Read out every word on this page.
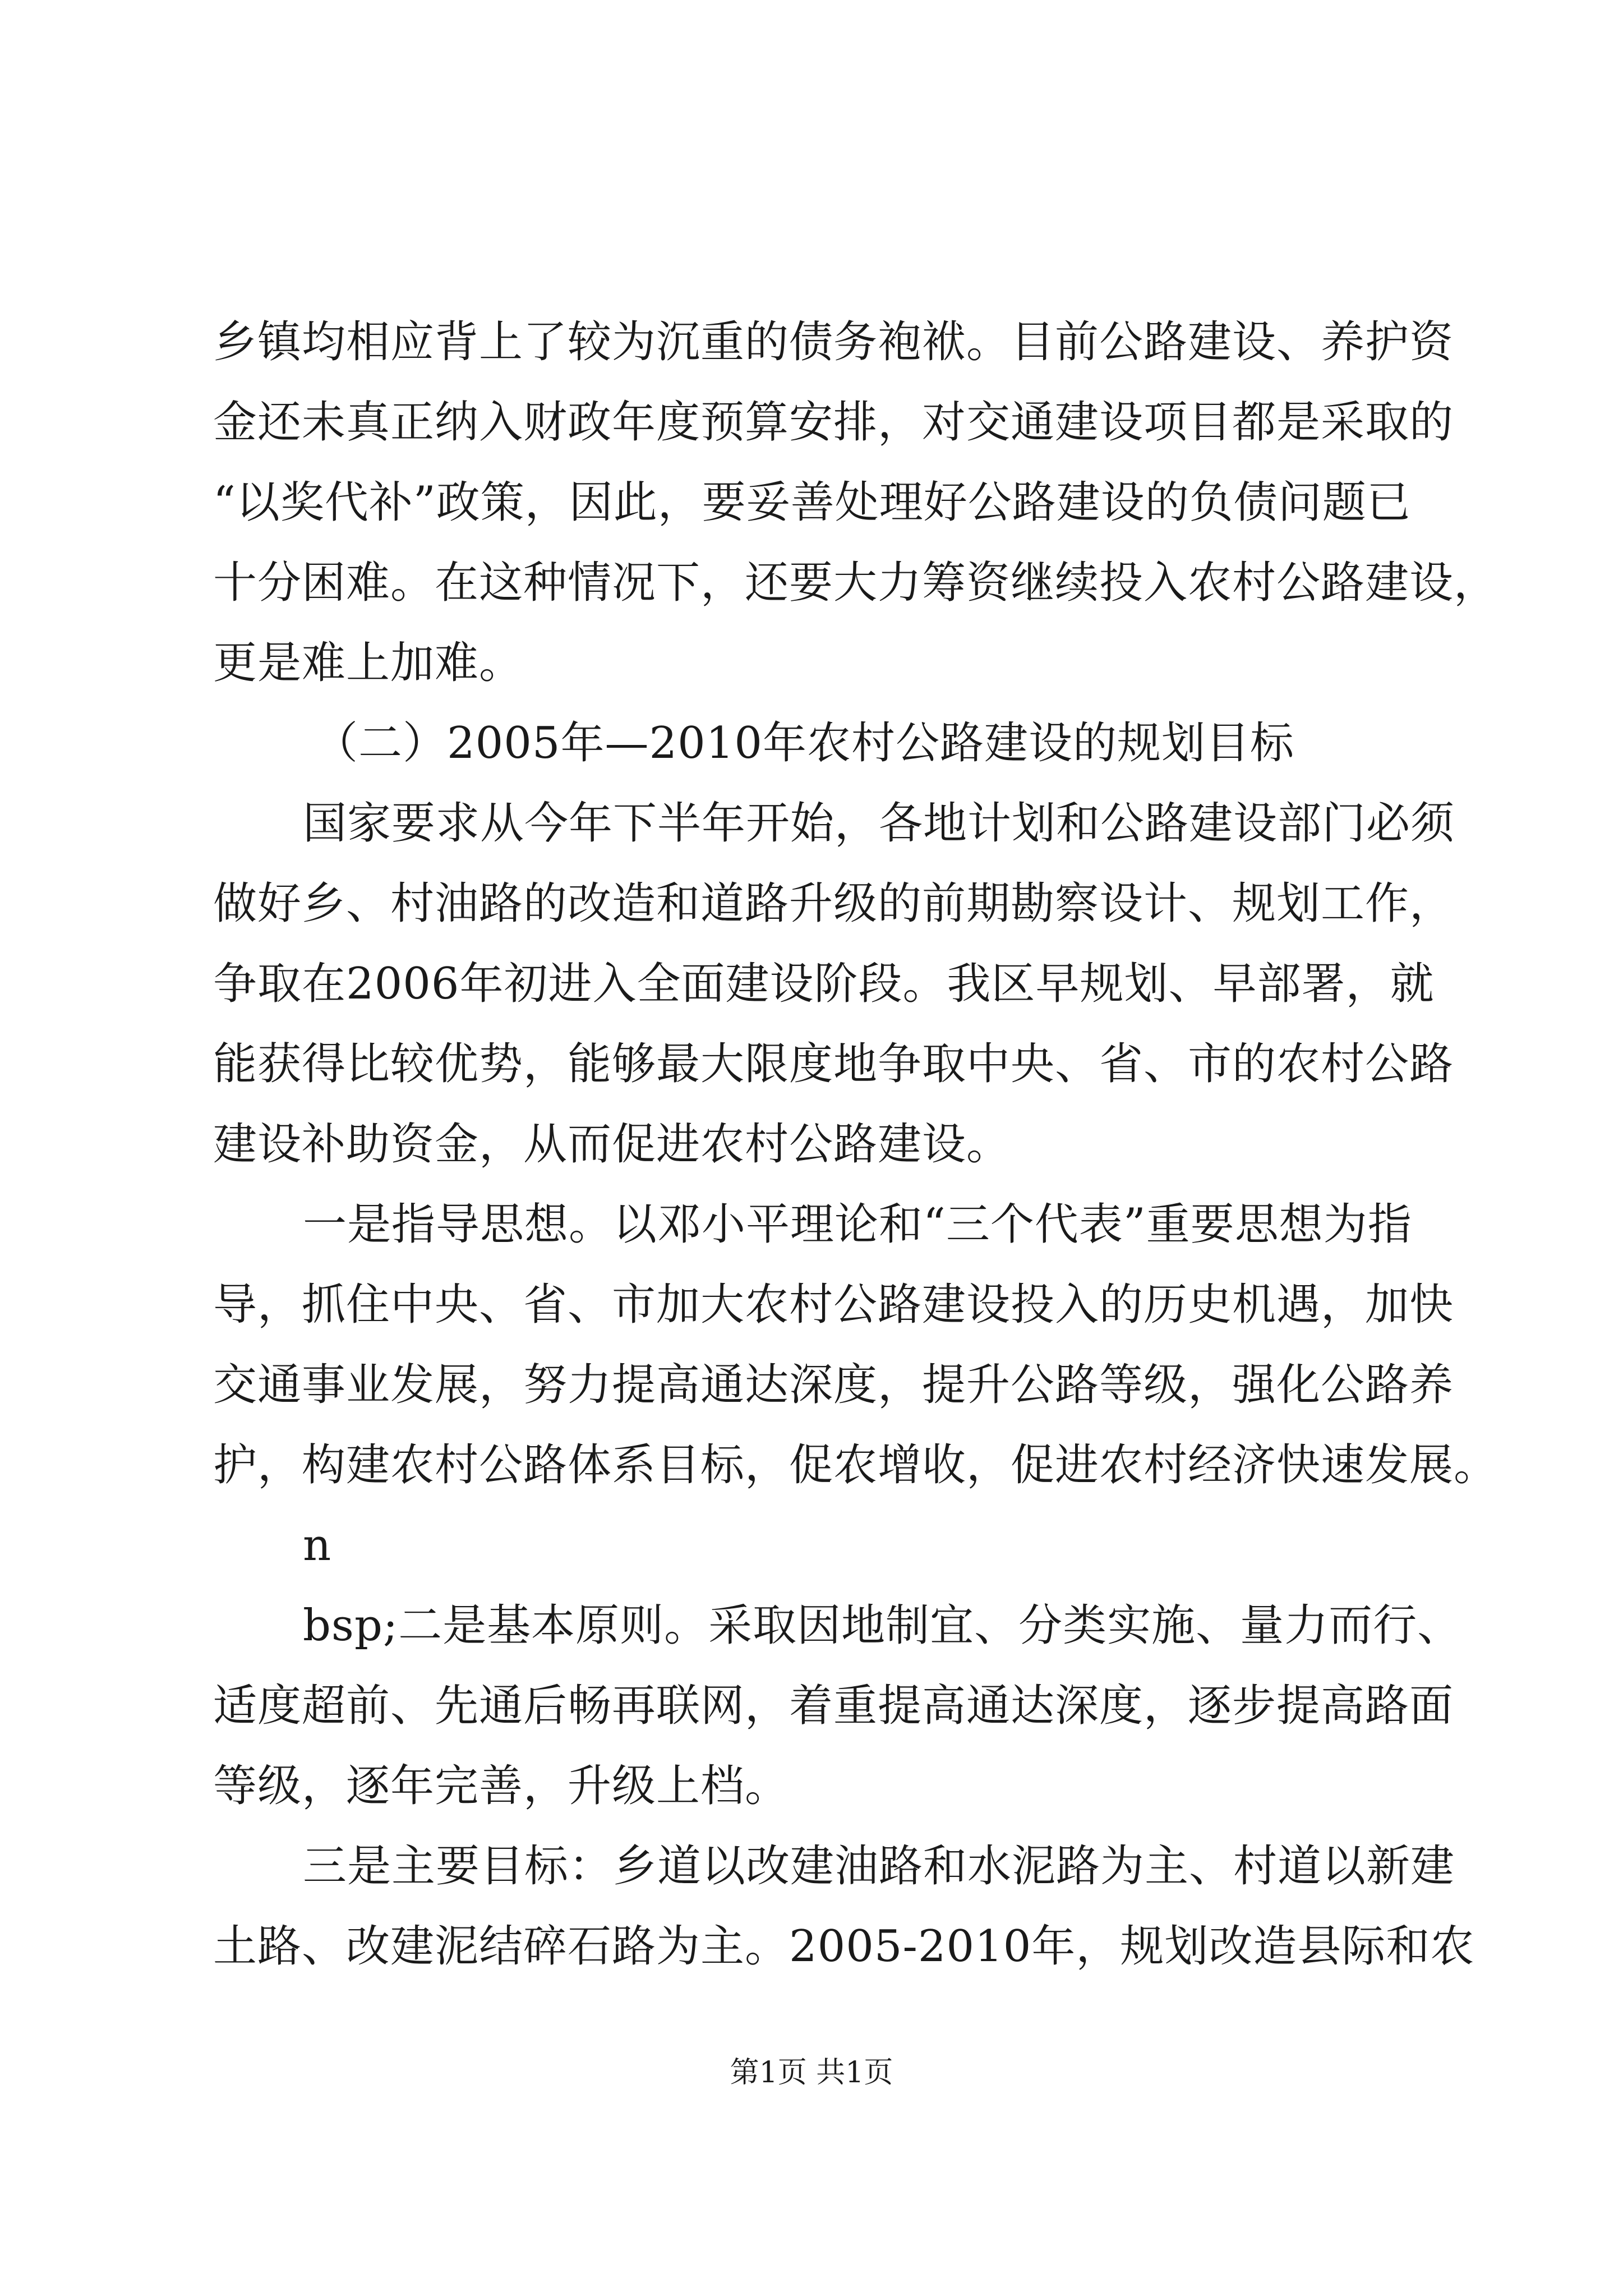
乡镇均相应背上了较为沉重的债务袍袱。目前公路建设、养护资
金还未真正纳入财政年度预算安排，对交通建设项目都是采取的
“以奖代补”政策，因此，要妥善处理好公路建设的负债问题已
十分困难。在这种情况下，还要大力筹资继续投入农村公路建设，
更是难上加难。
（二）2005年—2010年农村公路建设的规划目标
国家要求从今年下半年开始，各地计划和公路建设部门必须
做好乡、村油路的改造和道路升级的前期勘察设计、规划工作，
争取在2006年初进入全面建设阶段。我区早规划、早部署，就
能获得比较优势，能够最大限度地争取中央、省、市的农村公路
建设补助资金，从而促进农村公路建设。
一是指导思想。以邓小平理论和“三个代表”重要思想为指
导，抓住中央、省、市加大农村公路建设投入的历史机遇，加快
交通事业发展，努力提高通达深度，提升公路等级，强化公路养
护，构建农村公路体系目标，促农增收，促进农村经济快速发展。
n
bsp;二是基本原则。采取因地制宜、分类实施、量力而行、
适度超前、先通后畅再联网，着重提高通达深度，逐步提高路面
等级，逐年完善，升级上档。
三是主要目标：乡道以改建油路和水泥路为主、村道以新建
土路、改建泥结碎石路为主。2005-2010年，规划改造县际和农
第1页 共1页
